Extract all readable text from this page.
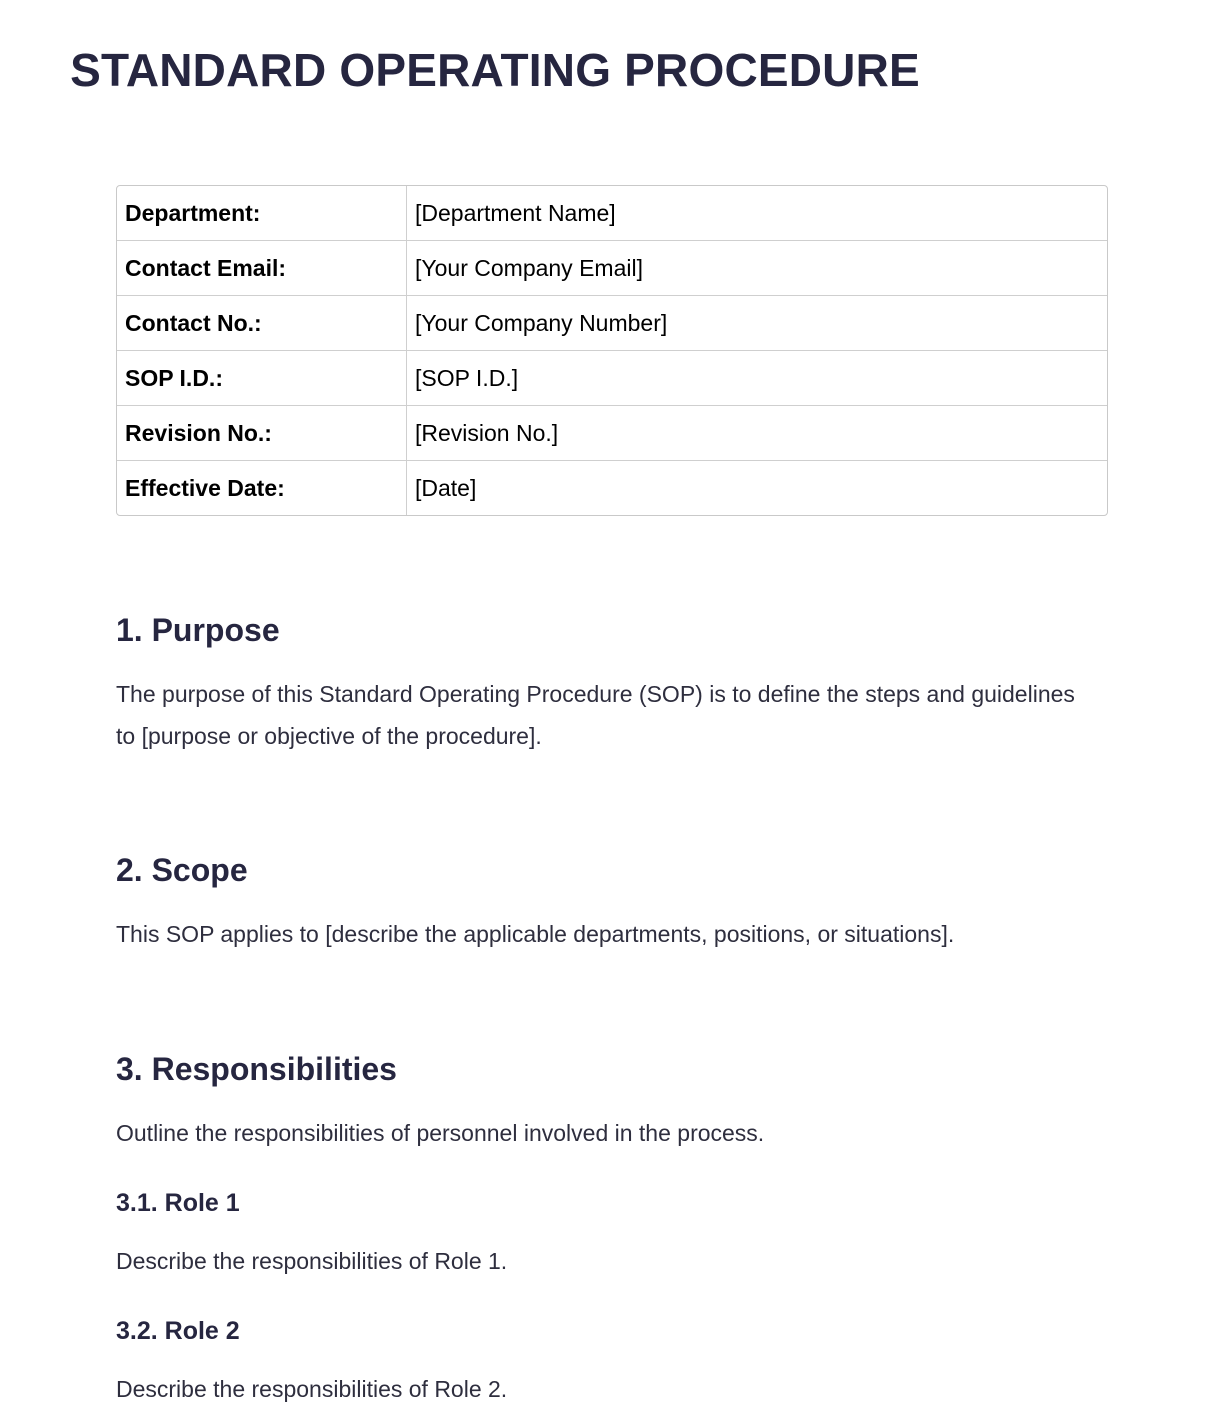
STANDARD OPERATING PROCEDURE
Department:	[Department Name]
Contact Email:	[Your Company Email]
Contact No.:	[Your Company Number]
SOP I.D.:	[SOP I.D.]
Revision No.:	[Revision No.]
Effective Date:	[Date]
1. Purpose

The purpose of this Standard Operating Procedure (SOP) is to define the steps and guidelines to [purpose or objective of the procedure].

2. Scope

This SOP applies to [describe the applicable departments, positions, or situations].

3. Responsibilities

Outline the responsibilities of personnel involved in the process.

3.1. Role 1

Describe the responsibilities of Role 1.

3.2. Role 2

Describe the responsibilities of Role 2.
